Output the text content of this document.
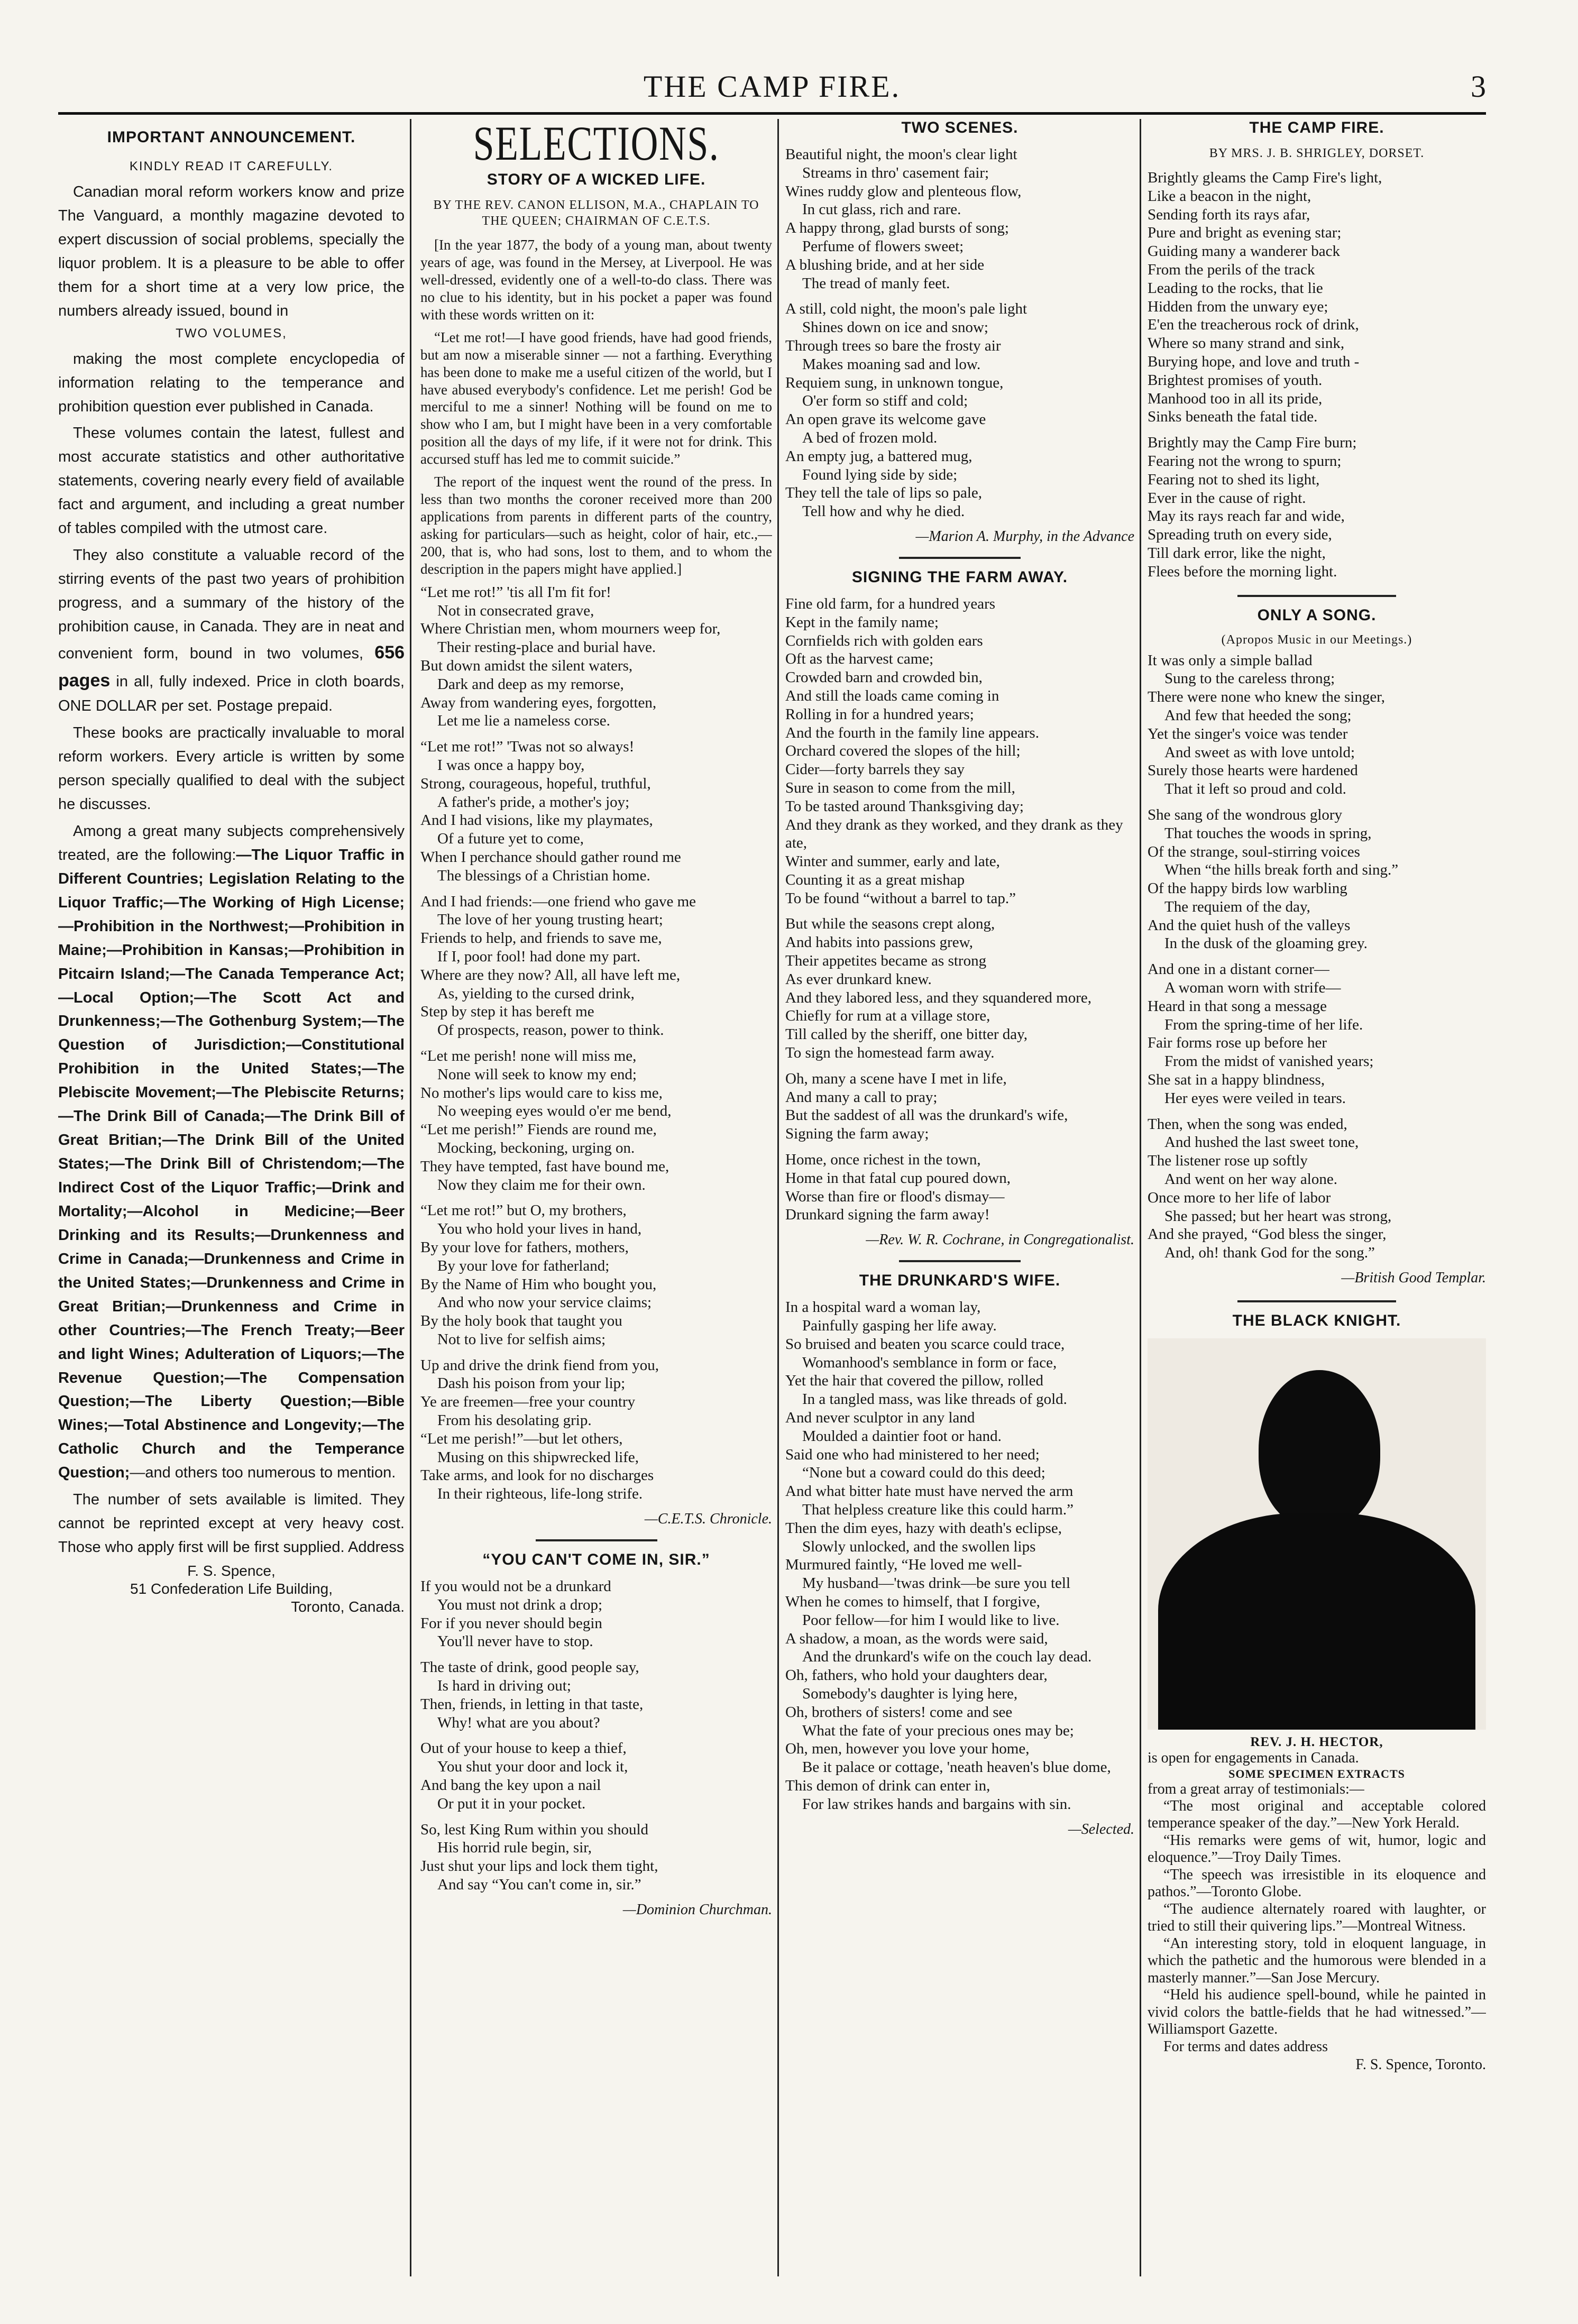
THE CAMP FIRE.	3
IMPORTANT ANNOUNCEMENT.
KINDLY READ IT CAREFULLY.

Canadian moral reform workers know and prize The Vanguard, a monthly magazine devoted to expert discussion of social problems, specially the liquor problem. It is a pleasure to be able to offer them for a short time at a very low price, the numbers already issued, bound in

TWO VOLUMES,

making the most complete encyclopedia of information relating to the temperance and prohibition question ever published in Canada.

These volumes contain the latest, fullest and most accurate statistics and other authoritative statements, covering nearly every field of available fact and argument, and including a great number of tables compiled with the utmost care.

They also constitute a valuable record of the stirring events of the past two years of prohibition progress, and a summary of the history of the prohibition cause, in Canada. They are in neat and convenient form, bound in two volumes, 656 pages in all, fully indexed. Price in cloth boards, ONE DOLLAR per set. Postage prepaid.

These books are practically invaluable to moral reform workers. Every article is written by some person specially qualified to deal with the subject he discusses.

Among a great many subjects comprehensively treated, are the following:—The Liquor Traffic in Different Countries; Legislation Relating to the Liquor Traffic;—The Working of High License;—Prohibition in the Northwest;—Prohibition in Maine;—Prohibition in Kansas;—Prohibition in Pitcairn Island;—The Canada Temperance Act;—Local Option;—The Scott Act and Drunkenness;—The Gothenburg System;—The Question of Jurisdiction;—Constitutional Prohibition in the United States;—The Plebiscite Movement;—The Plebiscite Returns;—The Drink Bill of Canada;—The Drink Bill of Great Britian;—The Drink Bill of the United States;—The Drink Bill of Christendom;—The Indirect Cost of the Liquor Traffic;—Drink and Mortality;—Alcohol in Medicine;—Beer Drinking and its Results;—Drunkenness and Crime in Canada;—Drunkenness and Crime in the United States;—Drunkenness and Crime in Great Britian;—Drunkenness and Crime in other Countries;—The French Treaty;—Beer and light Wines; Adulteration of Liquors;—The Revenue Question;—The Compensation Question;—The Liberty Question;—Bible Wines;—Total Abstinence and Longevity;—The Catholic Church and the Temperance Question;—and others too numerous to mention.

The number of sets available is limited. They cannot be reprinted except at very heavy cost. Those who apply first will be first supplied. Address

F. S. Spence,
51 Confederation Life Building,
Toronto, Canada.
SELECTIONS.
STORY OF A WICKED LIFE.
BY THE REV. CANON ELLISON, M.A., CHAPLAIN TO THE QUEEN; CHAIRMAN OF C.E.T.S.

[In the year 1877, the body of a young man, about twenty years of age, was found in the Mersey, at Liverpool. He was well-dressed, evidently one of a well-to-do class. There was no clue to his identity, but in his pocket a paper was found with these words written on it:

“Let me rot!—I have good friends, have had good friends, but am now a miserable sinner — not a farthing. Everything has been done to make me a useful citizen of the world, but I have abused everybody's confidence. Let me perish! God be merciful to me a sinner! Nothing will be found on me to show who I am, but I might have been in a very comfortable position all the days of my life, if it were not for drink. This accursed stuff has led me to commit suicide.”

The report of the inquest went the round of the press. In less than two months the coroner received more than 200 applications from parents in different parts of the country, asking for particulars—such as height, color of hair, etc.,—200, that is, who had sons, lost to them, and to whom the description in the papers might have applied.]

“Let me rot!” 'tis all I'm fit for!
Not in consecrated grave,
Where Christian men, whom mourners weep for,
Their resting-place and burial have.
But down amidst the silent waters,
Dark and deep as my remorse,
Away from wandering eyes, forgotten,
Let me lie a nameless corse.
“Let me rot!” 'Twas not so always!
I was once a happy boy,
Strong, courageous, hopeful, truthful,
A father's pride, a mother's joy;
And I had visions, like my playmates,
Of a future yet to come,
When I perchance should gather round me
The blessings of a Christian home.
And I had friends:—one friend who gave me
The love of her young trusting heart;
Friends to help, and friends to save me,
If I, poor fool! had done my part.
Where are they now? All, all have left me,
As, yielding to the cursed drink,
Step by step it has bereft me
Of prospects, reason, power to think.
“Let me perish! none will miss me,
None will seek to know my end;
No mother's lips would care to kiss me,
No weeping eyes would o'er me bend,
“Let me perish!” Fiends are round me,
Mocking, beckoning, urging on.
They have tempted, fast have bound me,
Now they claim me for their own.
“Let me rot!” but O, my brothers,
You who hold your lives in hand,
By your love for fathers, mothers,
By your love for fatherland;
By the Name of Him who bought you,
And who now your service claims;
By the holy book that taught you
Not to live for selfish aims;
Up and drive the drink fiend from you,
Dash his poison from your lip;
Ye are freemen—free your country
From his desolating grip.
“Let me perish!”—but let others,
Musing on this shipwrecked life,
Take arms, and look for no discharges
In their righteous, life-long strife.
—C.E.T.S. Chronicle.
“YOU CAN'T COME IN, SIR.”
If you would not be a drunkard
You must not drink a drop;
For if you never should begin
You'll never have to stop.
The taste of drink, good people say,
Is hard in driving out;
Then, friends, in letting in that taste,
Why! what are you about?
Out of your house to keep a thief,
You shut your door and lock it,
And bang the key upon a nail
Or put it in your pocket.
So, lest King Rum within you should
His horrid rule begin, sir,
Just shut your lips and lock them tight,
And say “You can't come in, sir.”
—Dominion Churchman.
TWO SCENES.
Beautiful night, the moon's clear light
Streams in thro' casement fair;
Wines ruddy glow and plenteous flow,
In cut glass, rich and rare.
A happy throng, glad bursts of song;
Perfume of flowers sweet;
A blushing bride, and at her side
The tread of manly feet.
A still, cold night, the moon's pale light
Shines down on ice and snow;
Through trees so bare the frosty air
Makes moaning sad and low.
Requiem sung, in unknown tongue,
O'er form so stiff and cold;
An open grave its welcome gave
A bed of frozen mold.
An empty jug, a battered mug,
Found lying side by side;
They tell the tale of lips so pale,
Tell how and why he died.
—Marion A. Murphy, in the Advance
SIGNING THE FARM AWAY.
Fine old farm, for a hundred years
Kept in the family name;
Cornfields rich with golden ears
Oft as the harvest came;
Crowded barn and crowded bin,
And still the loads came coming in
Rolling in for a hundred years;
And the fourth in the family line appears.
Orchard covered the slopes of the hill;
Cider—forty barrels they say
Sure in season to come from the mill,
To be tasted around Thanksgiving day;
And they drank as they worked, and they drank as they ate,
Winter and summer, early and late,
Counting it as a great mishap
To be found “without a barrel to tap.”
But while the seasons crept along,
And habits into passions grew,
Their appetites became as strong
As ever drunkard knew.
And they labored less, and they squandered more,
Chiefly for rum at a village store,
Till called by the sheriff, one bitter day,
To sign the homestead farm away.
Oh, many a scene have I met in life,
And many a call to pray;
But the saddest of all was the drunkard's wife,
Signing the farm away;
Home, once richest in the town,
Home in that fatal cup poured down,
Worse than fire or flood's dismay—
Drunkard signing the farm away!
—Rev. W. R. Cochrane, in Congregationalist.
THE DRUNKARD'S WIFE.
In a hospital ward a woman lay,
Painfully gasping her life away.
So bruised and beaten you scarce could trace,
Womanhood's semblance in form or face,
Yet the hair that covered the pillow, rolled
In a tangled mass, was like threads of gold.
And never sculptor in any land
Moulded a daintier foot or hand.
Said one who had ministered to her need;
“None but a coward could do this deed;
And what bitter hate must have nerved the arm
That helpless creature like this could harm.”
Then the dim eyes, hazy with death's eclipse,
Slowly unlocked, and the swollen lips
Murmured faintly, “He loved me well-
My husband—'twas drink—be sure you tell
When he comes to himself, that I forgive,
Poor fellow—for him I would like to live.
A shadow, a moan, as the words were said,
And the drunkard's wife on the couch lay dead.
Oh, fathers, who hold your daughters dear,
Somebody's daughter is lying here,
Oh, brothers of sisters! come and see
What the fate of your precious ones may be;
Oh, men, however you love your home,
Be it palace or cottage, 'neath heaven's blue dome,
This demon of drink can enter in,
For law strikes hands and bargains with sin.
—Selected.
THE CAMP FIRE.
BY MRS. J. B. SHRIGLEY, DORSET.
Brightly gleams the Camp Fire's light,
Like a beacon in the night,
Sending forth its rays afar,
Pure and bright as evening star;
Guiding many a wanderer back
From the perils of the track
Leading to the rocks, that lie
Hidden from the unwary eye;
E'en the treacherous rock of drink,
Where so many strand and sink,
Burying hope, and love and truth -
Brightest promises of youth.
Manhood too in all its pride,
Sinks beneath the fatal tide.
Brightly may the Camp Fire burn;
Fearing not the wrong to spurn;
Fearing not to shed its light,
Ever in the cause of right.
May its rays reach far and wide,
Spreading truth on every side,
Till dark error, like the night,
Flees before the morning light.
ONLY A SONG.
(Apropos Music in our Meetings.)
It was only a simple ballad
Sung to the careless throng;
There were none who knew the singer,
And few that heeded the song;
Yet the singer's voice was tender
And sweet as with love untold;
Surely those hearts were hardened
That it left so proud and cold.
She sang of the wondrous glory
That touches the woods in spring,
Of the strange, soul-stirring voices
When “the hills break forth and sing.”
Of the happy birds low warbling
The requiem of the day,
And the quiet hush of the valleys
In the dusk of the gloaming grey.
And one in a distant corner—
A woman worn with strife—
Heard in that song a message
From the spring-time of her life.
Fair forms rose up before her
From the midst of vanished years;
She sat in a happy blindness,
Her eyes were veiled in tears.
Then, when the song was ended,
And hushed the last sweet tone,
The listener rose up softly
And went on her way alone.
Once more to her life of labor
She passed; but her heart was strong,
And she prayed, “God bless the singer,
And, oh! thank God for the song.”
—British Good Templar.
THE BLACK KNIGHT.
REV. J. H. HECTOR,
is open for engagements in Canada.
SOME SPECIMEN EXTRACTS
from a great array of testimonials:—
“The most original and acceptable colored temperance speaker of the day.”—New York Herald.
“His remarks were gems of wit, humor, logic and eloquence.”—Troy Daily Times.
“The speech was irresistible in its eloquence and pathos.”—Toronto Globe.
“The audience alternately roared with laughter, or tried to still their quivering lips.”—Montreal Witness.
“An interesting story, told in eloquent language, in which the pathetic and the humorous were blended in a masterly manner.”—San Jose Mercury.
“Held his audience spell-bound, while he painted in vivid colors the battle-fields that he had witnessed.”—Williamsport Gazette.
For terms and dates address
F. S. Spence, Toronto.
